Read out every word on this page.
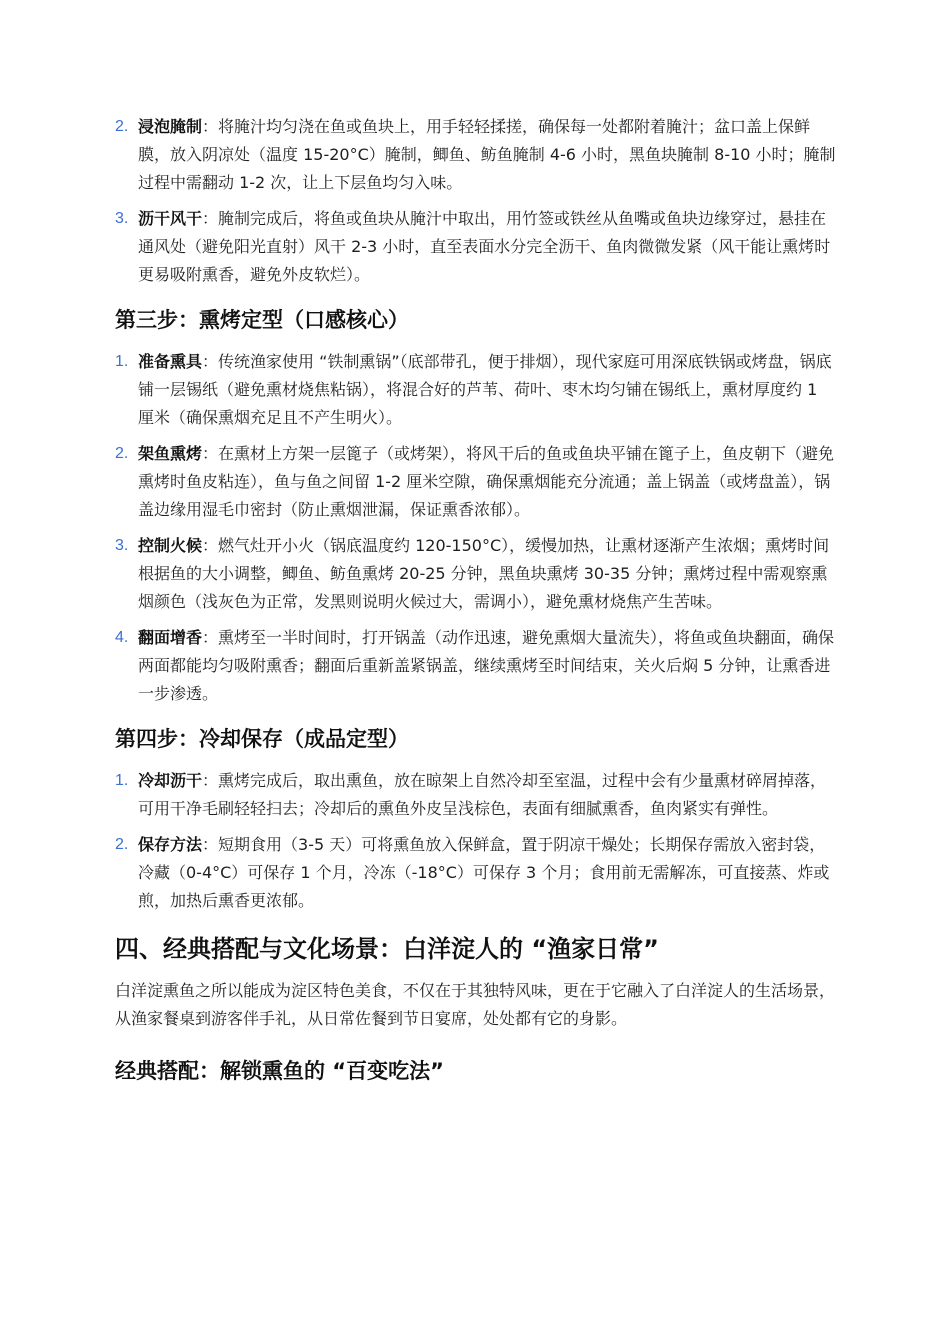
2. 浸泡腌制：将腌汁均匀浇在鱼或鱼块上，用手轻轻揉搓，确保每一处都附着腌汁；盆口盖上保鲜膜，放入阴凉处（温度 15-20°C）腌制，鲫鱼、鲂鱼腌制 4-6 小时，黑鱼块腌制 8-10 小时；腌制过程中需翻动 1-2 次，让上下层鱼均匀入味。
3. 沥干风干：腌制完成后，将鱼或鱼块从腌汁中取出，用竹签或铁丝从鱼嘴或鱼块边缘穿过，悬挂在通风处（避免阳光直射）风干 2-3 小时，直至表面水分完全沥干、鱼肉微微发紧（风干能让熏烤时更易吸附熏香，避免外皮软烂）。
第三步：熏烤定型（口感核心）
1. 准备熏具：传统渔家使用 “铁制熏锅”（底部带孔，便于排烟），现代家庭可用深底铁锅或烤盘，锅底铺一层锡纸（避免熏材烧焦粘锅），将混合好的芦苇、荷叶、枣木均匀铺在锡纸上，熏材厚度约 1 厘米（确保熏烟充足且不产生明火）。
2. 架鱼熏烤：在熏材上方架一层篦子（或烤架），将风干后的鱼或鱼块平铺在篦子上，鱼皮朝下（避免熏烤时鱼皮粘连），鱼与鱼之间留 1-2 厘米空隙，确保熏烟能充分流通；盖上锅盖（或烤盘盖），锅盖边缘用湿毛巾密封（防止熏烟泄漏，保证熏香浓郁）。
3. 控制火候：燃气灶开小火（锅底温度约 120-150°C），缓慢加热，让熏材逐渐产生浓烟；熏烤时间根据鱼的大小调整，鲫鱼、鲂鱼熏烤 20-25 分钟，黑鱼块熏烤 30-35 分钟；熏烤过程中需观察熏烟颜色（浅灰色为正常，发黑则说明火候过大，需调小），避免熏材烧焦产生苦味。
4. 翻面增香：熏烤至一半时间时，打开锅盖（动作迅速，避免熏烟大量流失），将鱼或鱼块翻面，确保两面都能均匀吸附熏香；翻面后重新盖紧锅盖，继续熏烤至时间结束，关火后焖 5 分钟，让熏香进一步渗透。
第四步：冷却保存（成品定型）
1. 冷却沥干：熏烤完成后，取出熏鱼，放在晾架上自然冷却至室温，过程中会有少量熏材碎屑掉落，可用干净毛刷轻轻扫去；冷却后的熏鱼外皮呈浅棕色，表面有细腻熏香，鱼肉紧实有弹性。
2. 保存方法：短期食用（3-5 天）可将熏鱼放入保鲜盒，置于阴凉干燥处；长期保存需放入密封袋，冷藏（0-4°C）可保存 1 个月，冷冻（-18°C）可保存 3 个月；食用前无需解冻，可直接蒸、炸或煎，加热后熏香更浓郁。
四、经典搭配与文化场景：白洋淀人的 “渔家日常”

白洋淀熏鱼之所以能成为淀区特色美食，不仅在于其独特风味，更在于它融入了白洋淀人的生活场景，从渔家餐桌到游客伴手礼，从日常佐餐到节日宴席，处处都有它的身影。

经典搭配：解锁熏鱼的 “百变吃法”
